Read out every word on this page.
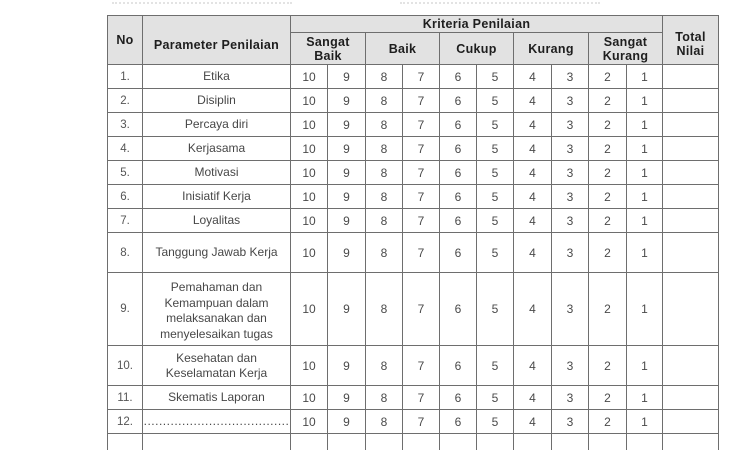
No	Parameter Penilaian	Kriteria Penilaian										Total Nilai
		Sangat Baik		Baik		Cukup		Kurang		Sangat Kurang		
1.	Etika	10	9	8	7	6	5	4	3	2	1	
2.	Disiplin	10	9	8	7	6	5	4	3	2	1	
3.	Percaya diri	10	9	8	7	6	5	4	3	2	1	
4.	Kerjasama	10	9	8	7	6	5	4	3	2	1	
5.	Motivasi	10	9	8	7	6	5	4	3	2	1	
6.	Inisiatif Kerja	10	9	8	7	6	5	4	3	2	1	
7.	Loyalitas	10	9	8	7	6	5	4	3	2	1	
8.	Tanggung Jawab Kerja	10	9	8	7	6	5	4	3	2	1	
9.	Pemahaman dan Kemampuan dalam melaksanakan dan menyelesaikan tugas	10	9	8	7	6	5	4	3	2	1	
10.	Kesehatan dan Keselamatan Kerja	10	9	8	7	6	5	4	3	2	1	
11.	Skematis Laporan	10	9	8	7	6	5	4	3	2	1	
12.	......................................	10	9	8	7	6	5	4	3	2	1	
